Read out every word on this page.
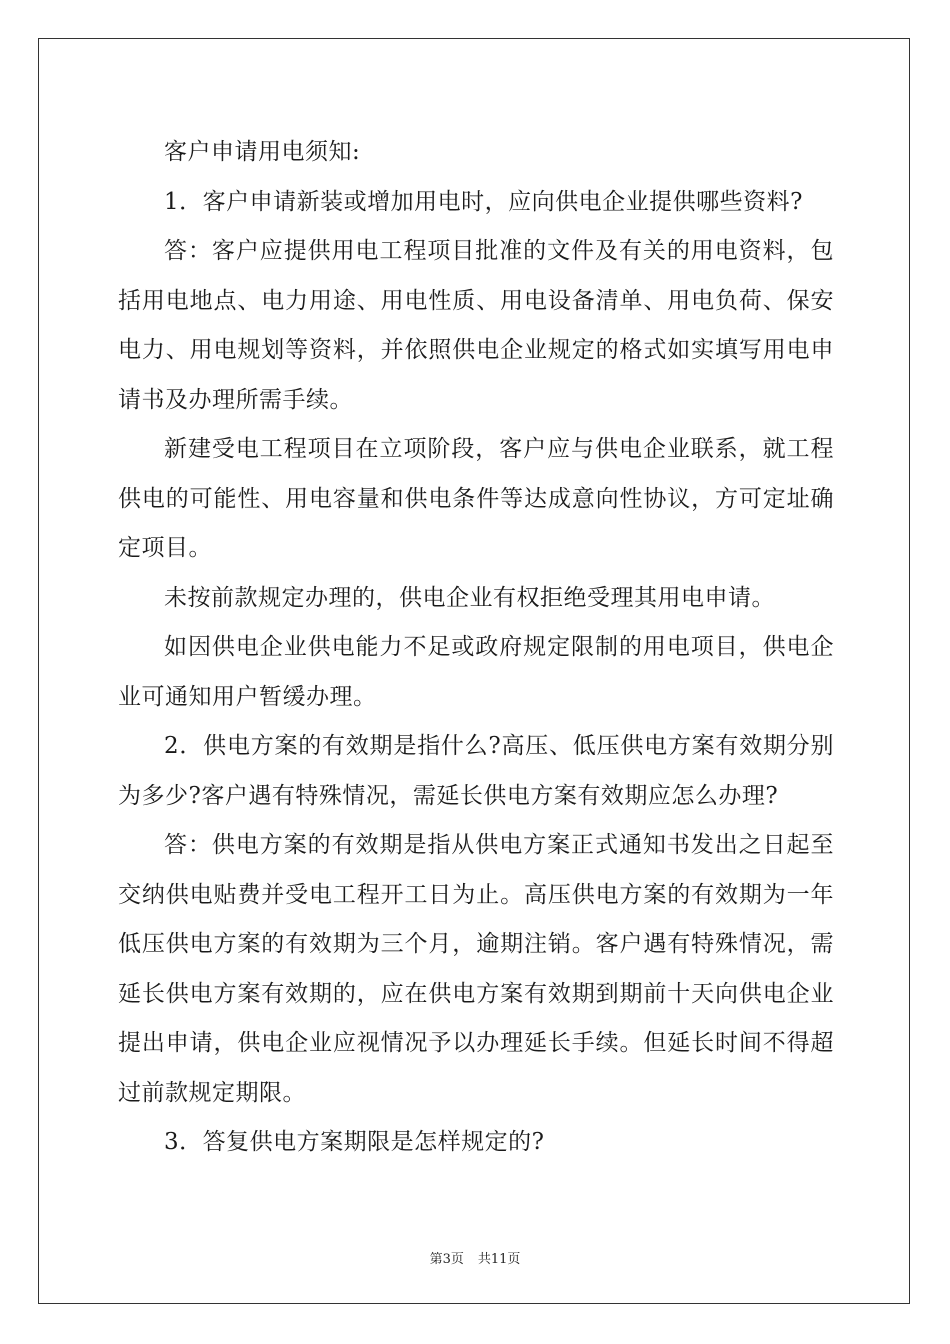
客户申请用电须知:

1．客户申请新装或增加用电时，应向供电企业提供哪些资料?

答：客户应提供用电工程项目批准的文件及有关的用电资料，包括用电地点、电力用途、用电性质、用电设备清单、用电负荷、保安电力、用电规划等资料，并依照供电企业规定的格式如实填写用电申请书及办理所需手续。

新建受电工程项目在立项阶段，客户应与供电企业联系，就工程供电的可能性、用电容量和供电条件等达成意向性协议，方可定址确定项目。

未按前款规定办理的，供电企业有权拒绝受理其用电申请。

如因供电企业供电能力不足或政府规定限制的用电项目，供电企业可通知用户暂缓办理。

2．供电方案的有效期是指什么?高压、低压供电方案有效期分别为多少?客户遇有特殊情况，需延长供电方案有效期应怎么办理?

答：供电方案的有效期是指从供电方案正式通知书发出之日起至交纳供电贴费并受电工程开工日为止。高压供电方案的有效期为一年低压供电方案的有效期为三个月，逾期注销。客户遇有特殊情况，需延长供电方案有效期的，应在供电方案有效期到期前十天向供电企业提出申请，供电企业应视情况予以办理延长手续。但延长时间不得超过前款规定期限。

3．答复供电方案期限是怎样规定的?

第3页 共11页
